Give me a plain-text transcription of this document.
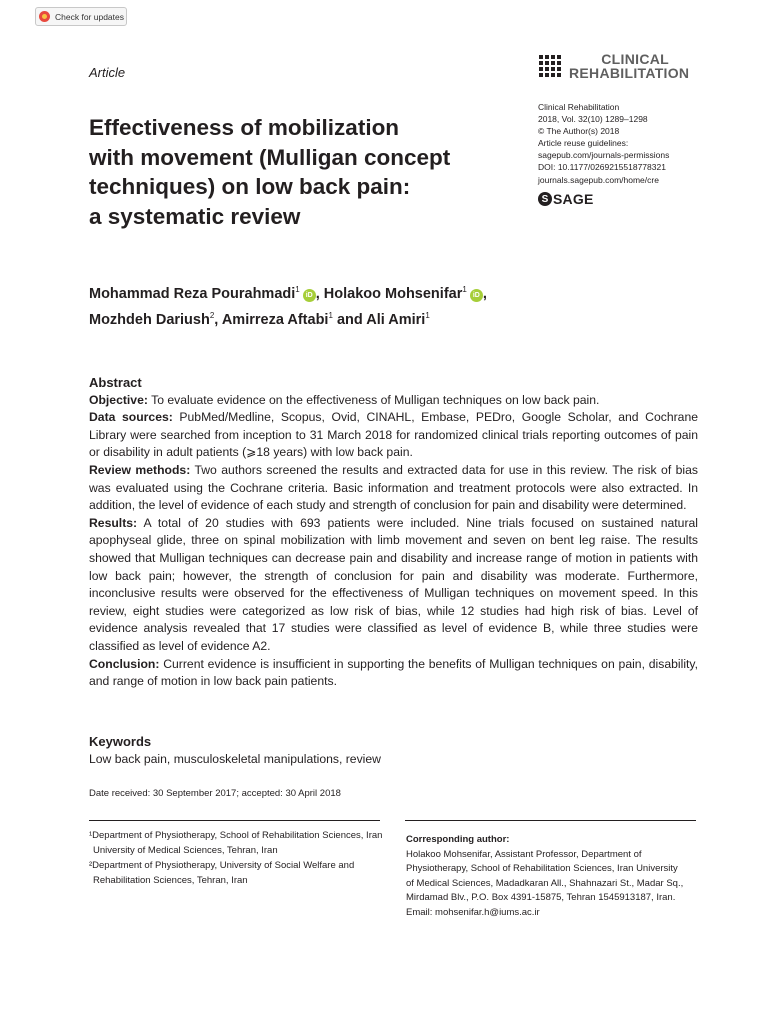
Check for updates
Article
CLINICAL
REHABILITATION
Clinical Rehabilitation
2018, Vol. 32(10) 1289–1298
© The Author(s) 2018
Article reuse guidelines:
sagepub.com/journals-permissions
DOI: 10.1177/0269215518778321
journals.sagepub.com/home/cre
S SAGE
Effectiveness of mobilization
with movement (Mulligan concept
techniques) on low back pain:
a systematic review
Mohammad Reza Pourahmadi$^1$iD , Holakoo Mohsenifar$^1$iD ,
Mozhdeh Dariush$^2$, Amirreza Aftabi$^1$ and Ali Amiri$^1$

Abstract

Objective: To evaluate evidence on the effectiveness of Mulligan techniques on low back pain.

Data sources: PubMed/Medline, Scopus, Ovid, CINAHL, Embase, PEDro, Google Scholar, and Cochrane Library were searched from inception to 31 March 2018 for randomized clinical trials reporting outcomes of pain or disability in adult patients (⩾18 years) with low back pain.

Review methods: Two authors screened the results and extracted data for use in this review. The risk of bias was evaluated using the Cochrane criteria. Basic information and treatment protocols were also extracted. In addition, the level of evidence of each study and strength of conclusion for pain and disability were determined.

Results: A total of 20 studies with 693 patients were included. Nine trials focused on sustained natural apophyseal glide, three on spinal mobilization with limb movement and seven on bent leg raise. The results showed that Mulligan techniques can decrease pain and disability and increase range of motion in patients with low back pain; however, the strength of conclusion for pain and disability was moderate. Furthermore, inconclusive results were observed for the effectiveness of Mulligan techniques on movement speed. In this review, eight studies were categorized as low risk of bias, while 12 studies had high risk of bias. Level of evidence analysis revealed that 17 studies were classified as level of evidence B, while three studies were classified as level of evidence A2.

Conclusion: Current evidence is insufficient in supporting the benefits of Mulligan techniques on pain, disability, and range of motion in low back pain patients.

Keywords
Low back pain, musculoskeletal manipulations, review
Date received: 30 September 2017; accepted: 30 April 2018
¹Department of Physiotherapy, School of Rehabilitation Sciences, Iran University of Medical Sciences, Tehran, Iran
²Department of Physiotherapy, University of Social Welfare and Rehabilitation Sciences, Tehran, Iran
Corresponding author:
Holakoo Mohsenifar, Assistant Professor, Department of
Physiotherapy, School of Rehabilitation Sciences, Iran University
of Medical Sciences, Madadkaran All., Shahnazari St., Madar Sq.,
Mirdamad Blv., P.O. Box 4391-15875, Tehran 1545913187, Iran.
Email: mohsenifar.h@iums.ac.ir
